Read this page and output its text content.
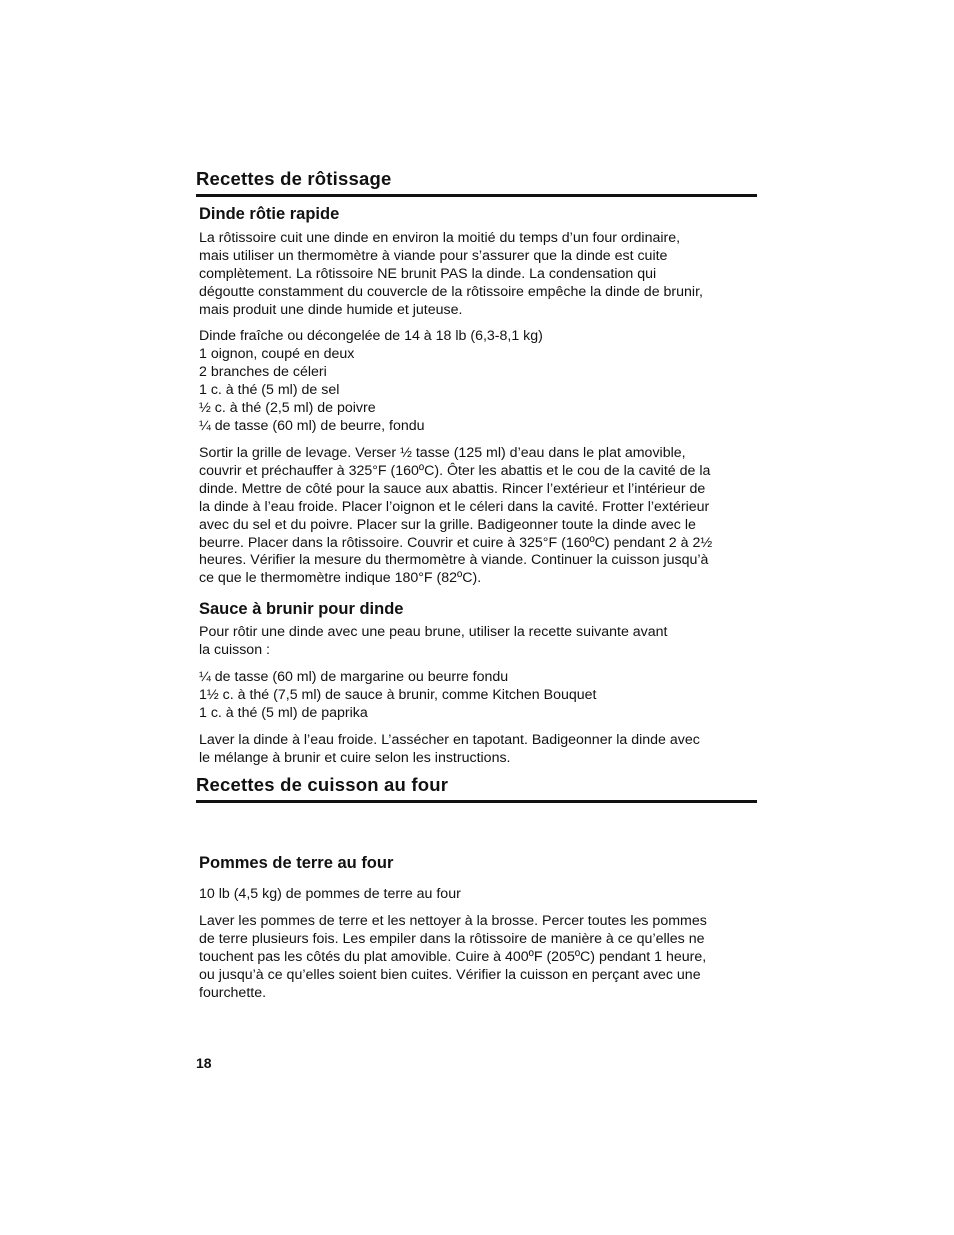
Recettes de rôtissage
Dinde rôtie rapide
La rôtissoire cuit une dinde en environ la moitié du temps d’un four ordinaire,
mais utiliser un thermomètre à viande pour s’assurer que la dinde est cuite
complètement. La rôtissoire NE brunit PAS la dinde. La condensation qui
dégoutte constamment du couvercle de la rôtissoire empêche la dinde de brunir,
mais produit une dinde humide et juteuse.
Dinde fraîche ou décongelée de 14 à 18 lb (6,3-8,1 kg)
1 oignon, coupé en deux
2 branches de céleri
1 c. à thé (5 ml) de sel
½ c. à thé (2,5 ml) de poivre
¼ de tasse (60 ml) de beurre, fondu
Sortir la grille de levage. Verser ½ tasse (125 ml) d’eau dans le plat amovible,
couvrir et préchauffer à 325°F (160ºC). Ôter les abattis et le cou de la cavité de la
dinde. Mettre de côté pour la sauce aux abattis. Rincer l’extérieur et l’intérieur de
la dinde à l’eau froide. Placer l’oignon et le céleri dans la cavité. Frotter l’extérieur
avec du sel et du poivre. Placer sur la grille. Badigeonner toute la dinde avec le
beurre. Placer dans la rôtissoire. Couvrir et cuire à 325°F (160ºC) pendant 2 à 2½
heures. Vérifier la mesure du thermomètre à viande. Continuer la cuisson jusqu’à
ce que le thermomètre indique 180°F (82ºC).
Sauce à brunir pour dinde
Pour rôtir une dinde avec une peau brune, utiliser la recette suivante avant
la cuisson :
¼ de tasse (60 ml) de margarine ou beurre fondu
1½ c. à thé (7,5 ml) de sauce à brunir, comme Kitchen Bouquet
1 c. à thé (5 ml) de paprika
Laver la dinde à l’eau froide. L’assécher en tapotant. Badigeonner la dinde avec
le mélange à brunir et cuire selon les instructions.
Recettes de cuisson au four
Pommes de terre au four
10 lb (4,5 kg) de pommes de terre au four
Laver les pommes de terre et les nettoyer à la brosse. Percer toutes les pommes
de terre plusieurs fois. Les empiler dans la rôtissoire de manière à ce qu’elles ne
touchent pas les côtés du plat amovible. Cuire à 400ºF (205ºC) pendant 1 heure,
ou jusqu’à ce qu’elles soient bien cuites. Vérifier la cuisson en perçant avec une
fourchette.
18
